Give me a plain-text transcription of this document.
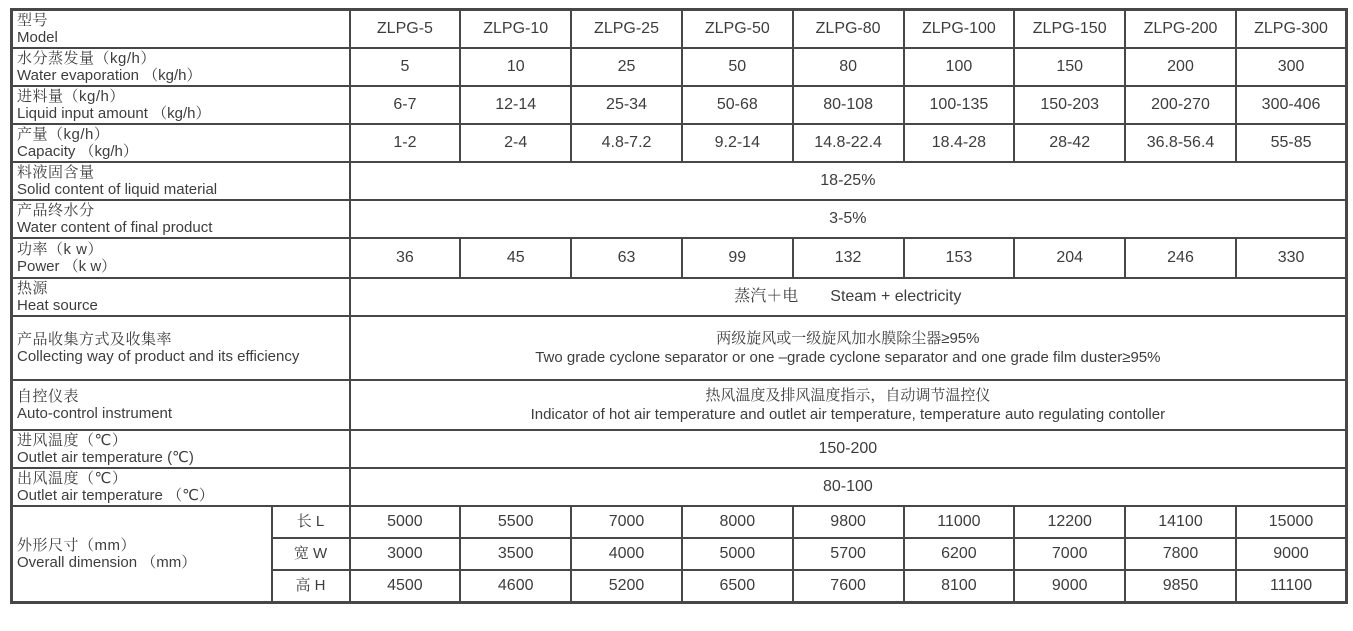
型号
Model		ZLPG-5	ZLPG-10	ZLPG-25	ZLPG-50	ZLPG-80	ZLPG-100	ZLPG-150	ZLPG-200	ZLPG-300

水分蒸发量（kg/h）
Water evaporation （kg/h）		5	10	25	50	80	100	150	200	300

进料量（kg/h）
Liquid input amount （kg/h）		6-7	12-14	25-34	50-68	80-108	100-135	150-203	200-270	300-406

产量（kg/h）
Capacity （kg/h）		1-2	2-4	4.8-7.2	9.2-14	14.8-22.4	18.4-28	28-42	36.8-56.4	55-85

料液固含量
Solid content of liquid material		18-25%								

产品终水分
Water content of final product		3-5%								

功率（k w）
Power （k w）		36	45	63	99	132	153	204	246	330

热源
Heat source		蒸汽＋电　　Steam + electricity								

产品收集方式及收集率
Collecting way of product and its efficiency

两级旋风或一级旋风加水膜除尘器≥95%
Two grade cyclone separator or one –grade cyclone separator and one grade film duster≥95%

自控仪表
Auto-control instrument

热风温度及排风温度指示，自动调节温控仪
Indicator of hot air temperature and outlet air temperature, temperature auto regulating contoller

进风温度（℃）
Outlet air temperature (℃)		150-200								

出风温度（℃）
Outlet air temperature （℃）		80-100								

外形尺寸（mm）
Overall dimension （mm）	长 L	5000	5500	7000	8000	9800	11000	12200	14100	15000
	宽 W	3000	3500	4000	5000	5700	6200	7000	7800	9000
	高 H	4500	4600	5200	6500	7600	8100	9000	9850	11100
